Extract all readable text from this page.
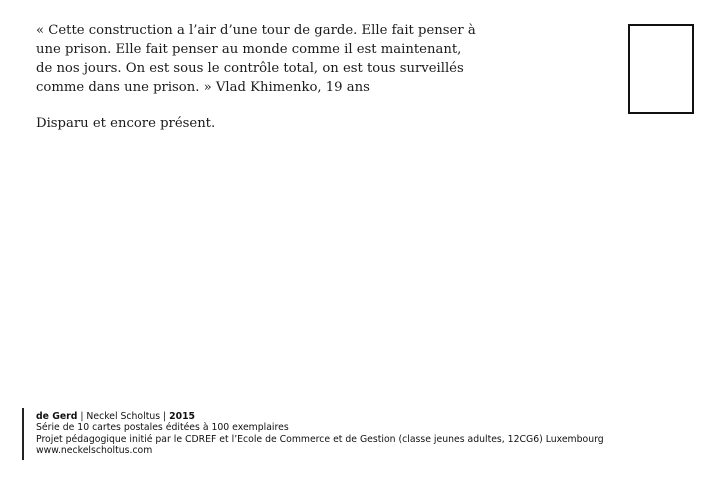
« Cette construction a l’air d’une tour de garde. Elle fait penser à
une prison. Elle fait penser au monde comme il est maintenant,
de nos jours. On est sous le contrôle total, on est tous surveillés
comme dans une prison. » Vlad Khimenko, 19 ans
Disparu et encore présent.
de Gerd | Neckel Scholtus | 2015
Série de 10 cartes postales éditées à 100 exemplaires
Projet pédagogique initié par le CDREF et l’Ecole de Commerce et de Gestion (classe jeunes adultes, 12CG6) Luxembourg
www.neckelscholtus.com
